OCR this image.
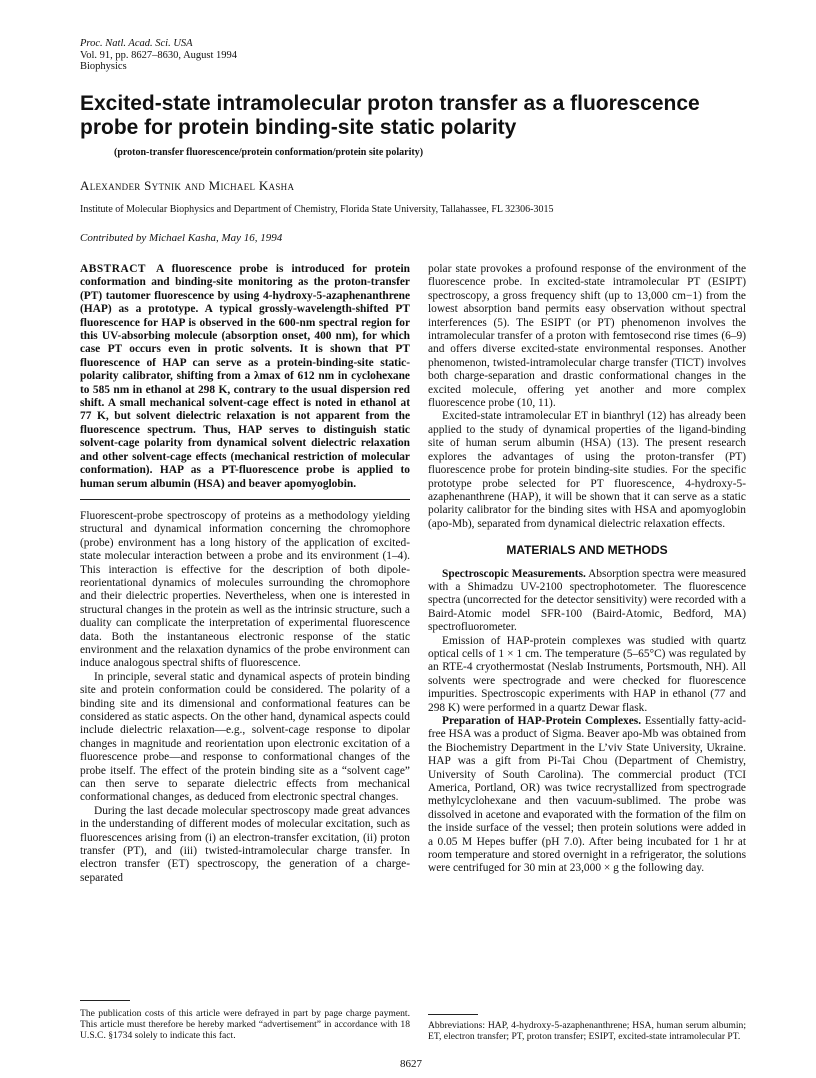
Proc. Natl. Acad. Sci. USA
Vol. 91, pp. 8627–8630, August 1994
Biophysics
Excited-state intramolecular proton transfer as a fluorescence probe for protein binding-site static polarity
(proton-transfer fluorescence/protein conformation/protein site polarity)
Alexander Sytnik and Michael Kasha
Institute of Molecular Biophysics and Department of Chemistry, Florida State University, Tallahassee, FL 32306-3015
Contributed by Michael Kasha, May 16, 1994

ABSTRACT A fluorescence probe is introduced for protein conformation and binding-site monitoring as the proton-transfer (PT) tautomer fluorescence by using 4-hydroxy-5-azaphenanthrene (HAP) as a prototype. A typical grossly-wavelength-shifted PT fluorescence for HAP is observed in the 600-nm spectral region for this UV-absorbing molecule (absorption onset, 400 nm), for which case PT occurs even in protic solvents. It is shown that PT fluorescence of HAP can serve as a protein-binding-site static-polarity calibrator, shifting from a λmax of 612 nm in cyclohexane to 585 nm in ethanol at 298 K, contrary to the usual dispersion red shift. A small mechanical solvent-cage effect is noted in ethanol at 77 K, but solvent dielectric relaxation is not apparent from the fluorescence spectrum. Thus, HAP serves to distinguish static solvent-cage polarity from dynamical solvent dielectric relaxation and other solvent-cage effects (mechanical restriction of molecular conformation). HAP as a PT-fluorescence probe is applied to human serum albumin (HSA) and beaver apomyoglobin.

Fluorescent-probe spectroscopy of proteins as a methodology yielding structural and dynamical information concerning the chromophore (probe) environment has a long history of the application of excited-state molecular interaction between a probe and its environment (1–4). This interaction is effective for the description of both dipole-reorientational dynamics of molecules surrounding the chromophore and their dielectric properties. Nevertheless, when one is interested in structural changes in the protein as well as the intrinsic structure, such a duality can complicate the interpretation of experimental fluorescence data. Both the instantaneous electronic response of the static environment and the relaxation dynamics of the probe environment can induce analogous spectral shifts of fluorescence.

In principle, several static and dynamical aspects of protein binding site and protein conformation could be considered. The polarity of a binding site and its dimensional and conformational features can be considered as static aspects. On the other hand, dynamical aspects could include dielectric relaxation—e.g., solvent-cage response to dipolar changes in magnitude and reorientation upon electronic excitation of a fluorescence probe—and response to conformational changes of the probe itself. The effect of the protein binding site as a “solvent cage” can then serve to separate dielectric effects from mechanical conformational changes, as deduced from electronic spectral changes.

During the last decade molecular spectroscopy made great advances in the understanding of different modes of molecular excitation, such as fluorescences arising from (i) an electron-transfer excitation, (ii) proton transfer (PT), and (iii) twisted-intramolecular charge transfer. In electron transfer (ET) spectroscopy, the generation of a charge-separated

polar state provokes a profound response of the environment of the fluorescence probe. In excited-state intramolecular PT (ESIPT) spectroscopy, a gross frequency shift (up to 13,000 cm−1) from the lowest absorption band permits easy observation without spectral interferences (5). The ESIPT (or PT) phenomenon involves the intramolecular transfer of a proton with femtosecond rise times (6–9) and offers diverse excited-state environmental responses. Another phenomenon, twisted-intramolecular charge transfer (TICT) involves both charge-separation and drastic conformational changes in the excited molecule, offering yet another and more complex fluorescence probe (10, 11).

Excited-state intramolecular ET in bianthryl (12) has already been applied to the study of dynamical properties of the ligand-binding site of human serum albumin (HSA) (13). The present research explores the advantages of using the proton-transfer (PT) fluorescence probe for protein binding-site studies. For the specific prototype probe selected for PT fluorescence, 4-hydroxy-5-azaphenanthrene (HAP), it will be shown that it can serve as a static polarity calibrator for the binding sites with HSA and apomyoglobin (apo-Mb), separated from dynamical dielectric relaxation effects.

MATERIALS AND METHODS

Spectroscopic Measurements. Absorption spectra were measured with a Shimadzu UV-2100 spectrophotometer. The fluorescence spectra (uncorrected for the detector sensitivity) were recorded with a Baird-Atomic model SFR-100 (Baird-Atomic, Bedford, MA) spectrofluorometer.

Emission of HAP-protein complexes was studied with quartz optical cells of 1 × 1 cm. The temperature (5–65°C) was regulated by an RTE-4 cryothermostat (Neslab Instruments, Portsmouth, NH). All solvents were spectrograde and were checked for fluorescence impurities. Spectroscopic experiments with HAP in ethanol (77 and 298 K) were performed in a quartz Dewar flask.

Preparation of HAP-Protein Complexes. Essentially fatty-acid-free HSA was a product of Sigma. Beaver apo-Mb was obtained from the Biochemistry Department in the L’viv State University, Ukraine. HAP was a gift from Pi-Tai Chou (Department of Chemistry, University of South Carolina). The commercial product (TCI America, Portland, OR) was twice recrystallized from spectrograde methylcyclohexane and then vacuum-sublimed. The probe was dissolved in acetone and evaporated with the formation of the film on the inside surface of the vessel; then protein solutions were added in a 0.05 M Hepes buffer (pH 7.0). After being incubated for 1 hr at room temperature and stored overnight in a refrigerator, the solutions were centrifuged for 30 min at 23,000 × g the following day.

The publication costs of this article were defrayed in part by page charge payment. This article must therefore be hereby marked “advertisement” in accordance with 18 U.S.C. §1734 solely to indicate this fact.
Abbreviations: HAP, 4-hydroxy-5-azaphenanthrene; HSA, human serum albumin; ET, electron transfer; PT, proton transfer; ESIPT, excited-state intramolecular PT.
8627
